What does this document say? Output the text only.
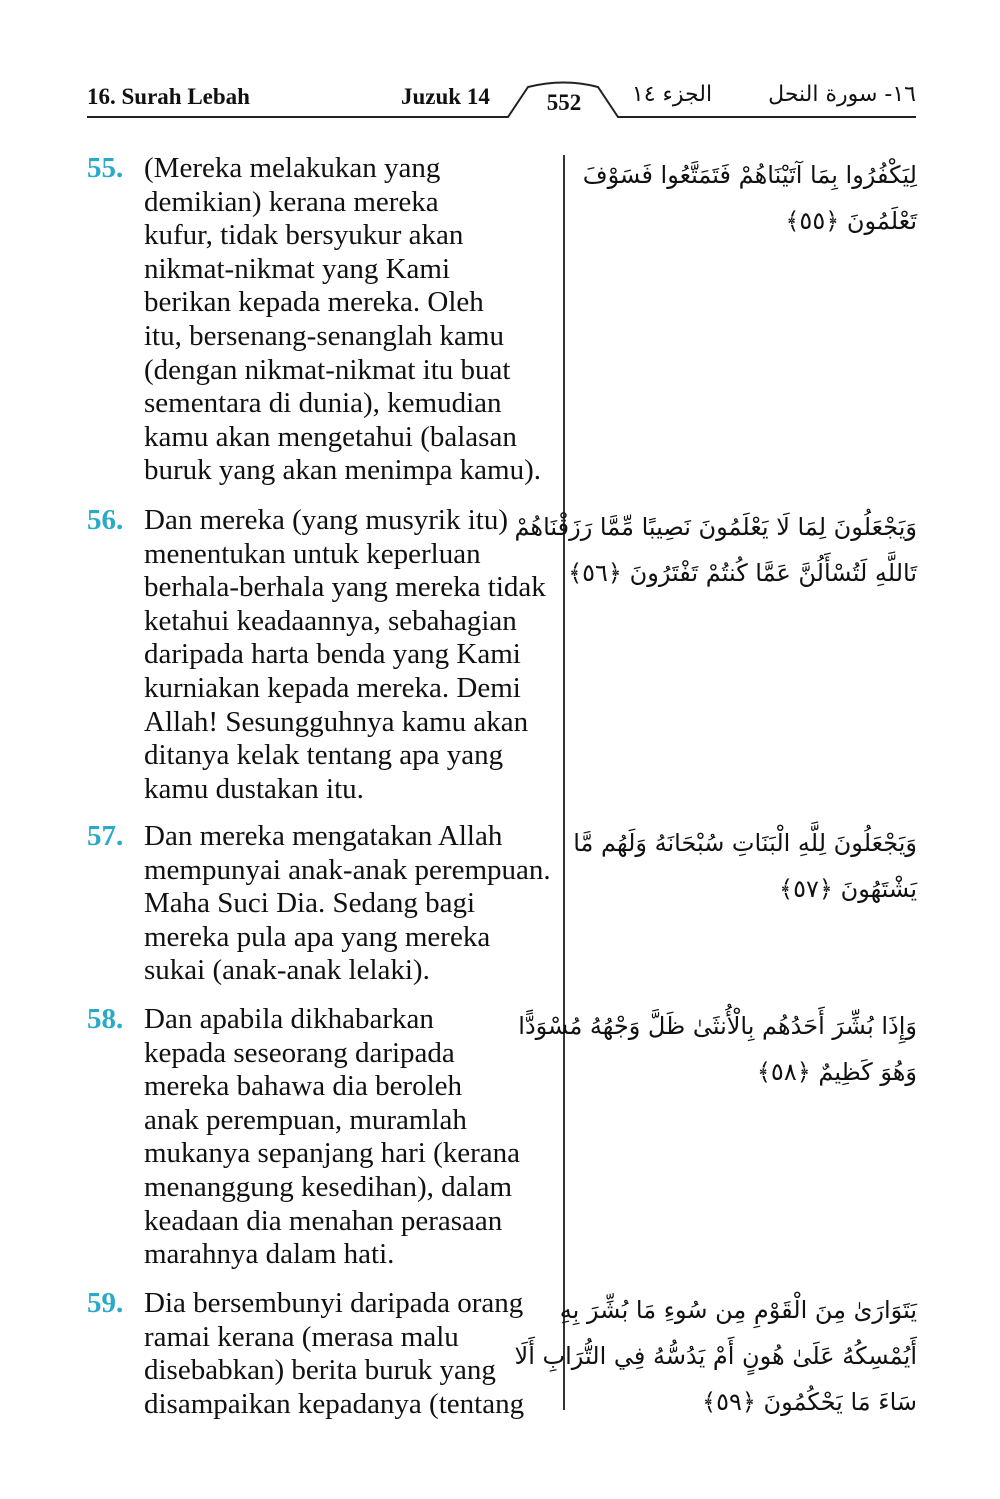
16. Surah Lebah	Juzuk 14	552	الجزء ١٤	١٦- سورة النحل
55. (Mereka melakukan yang
demikian) kerana mereka
kufur, tidak bersyukur akan
nikmat-nikmat yang Kami
berikan kepada mereka. Oleh
itu, bersenang-senanglah kamu
(dengan nikmat-nikmat itu buat
sementara di dunia), kemudian
kamu akan mengetahui (balasan
buruk yang akan menimpa kamu).

لِيَكْفُرُوا بِمَا آتَيْنَاهُمْ فَتَمَتَّعُوا فَسَوْفَ
تَعْلَمُونَ ﴿٥٥﴾
56. Dan mereka (yang musyrik itu)
menentukan untuk keperluan
berhala-berhala yang mereka tidak
ketahui keadaannya, sebahagian
daripada harta benda yang Kami
kurniakan kepada mereka. Demi
Allah! Sesungguhnya kamu akan
ditanya kelak tentang apa yang
kamu dustakan itu.

وَيَجْعَلُونَ لِمَا لَا يَعْلَمُونَ نَصِيبًا مِّمَّا رَزَقْنَاهُمْ
تَاللَّهِ لَتُسْأَلُنَّ عَمَّا كُنتُمْ تَفْتَرُونَ ﴿٥٦﴾
57. Dan mereka mengatakan Allah
mempunyai anak-anak perempuan.
Maha Suci Dia. Sedang bagi
mereka pula apa yang mereka
sukai (anak-anak lelaki).

وَيَجْعَلُونَ لِلَّهِ الْبَنَاتِ سُبْحَانَهُ وَلَهُم مَّا
يَشْتَهُونَ ﴿٥٧﴾
58. Dan apabila dikhabarkan
kepada seseorang daripada
mereka bahawa dia beroleh
anak perempuan, muramlah
mukanya sepanjang hari (kerana
menanggung kesedihan), dalam
keadaan dia menahan perasaan
marahnya dalam hati.

وَإِذَا بُشِّرَ أَحَدُهُم بِالْأُنثَىٰ ظَلَّ وَجْهُهُ مُسْوَدًّا
وَهُوَ كَظِيمٌ ﴿٥٨﴾
59. Dia bersembunyi daripada orang
ramai kerana (merasa malu
disebabkan) berita buruk yang
disampaikan kepadanya (tentang

يَتَوَارَىٰ مِنَ الْقَوْمِ مِن سُوءِ مَا بُشِّرَ بِهِ
أَيُمْسِكُهُ عَلَىٰ هُونٍ أَمْ يَدُسُّهُ فِي التُّرَابِ أَلَا
سَاءَ مَا يَحْكُمُونَ ﴿٥٩﴾
